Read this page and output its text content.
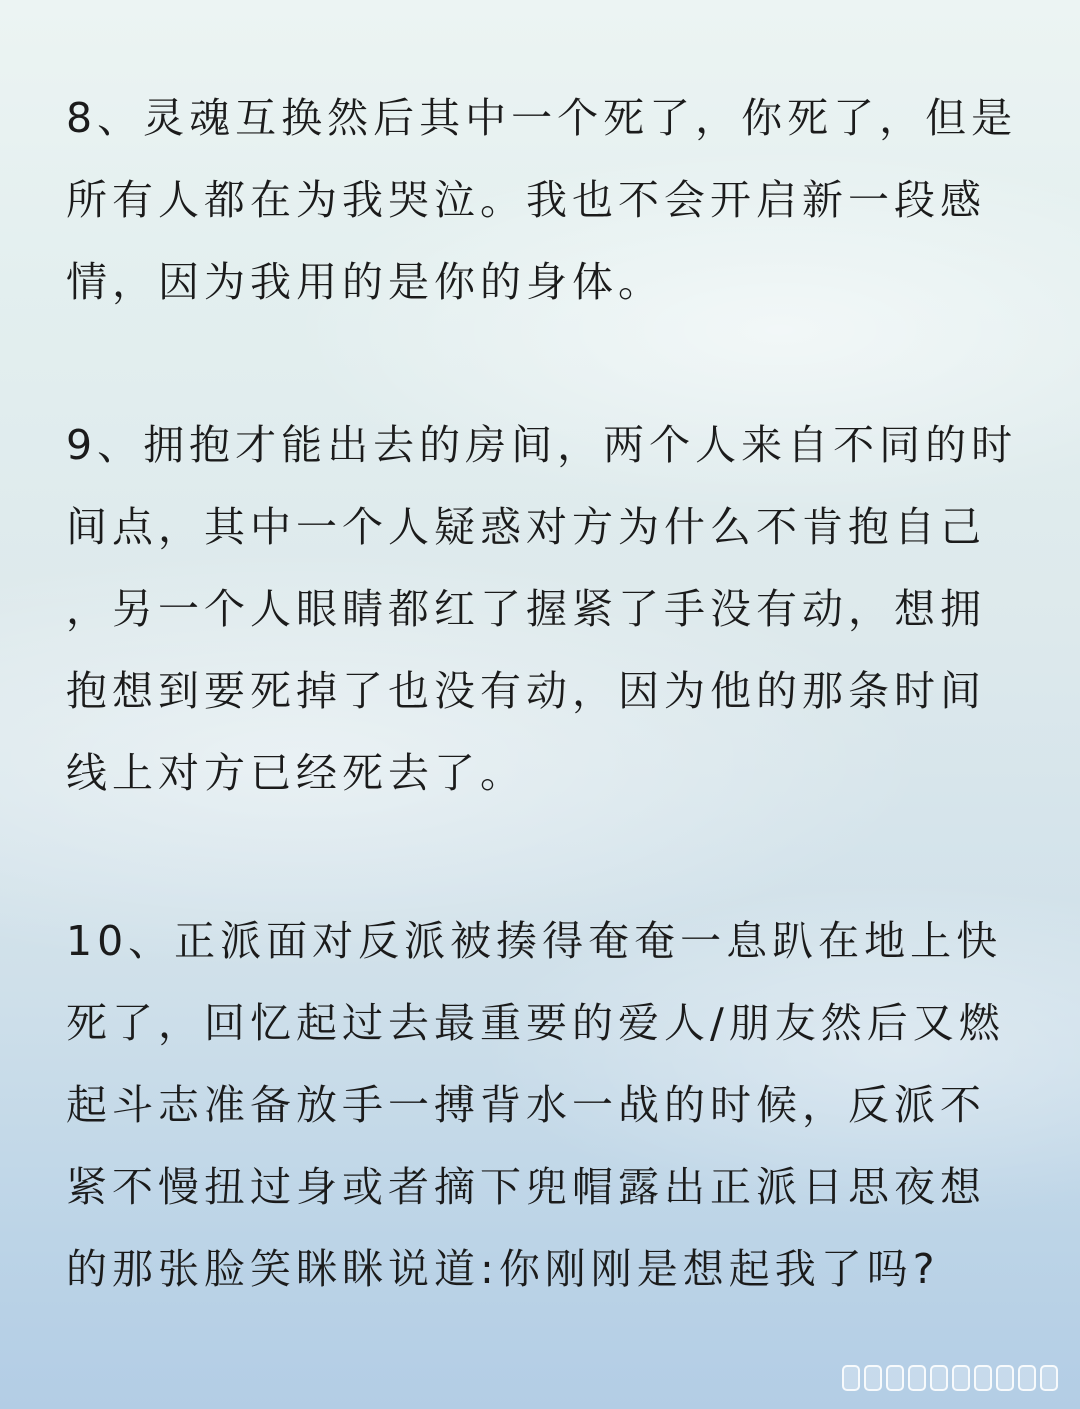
8、灵魂互换然后其中一个死了，你死了，但是
所有人都在为我哭泣。我也不会开启新一段感
情，因为我用的是你的身体。

9、拥抱才能出去的房间，两个人来自不同的时
间点，其中一个人疑惑对方为什么不肯抱自己
，另一个人眼睛都红了握紧了手没有动，想拥
抱想到要死掉了也没有动，因为他的那条时间
线上对方已经死去了。

10、正派面对反派被揍得奄奄一息趴在地上快
死了，回忆起过去最重要的爱人/朋友然后又燃
起斗志准备放手一搏背水一战的时候，反派不
紧不慢扭过身或者摘下兜帽露出正派日思夜想
的那张脸笑眯眯说道:你刚刚是想起我了吗?
